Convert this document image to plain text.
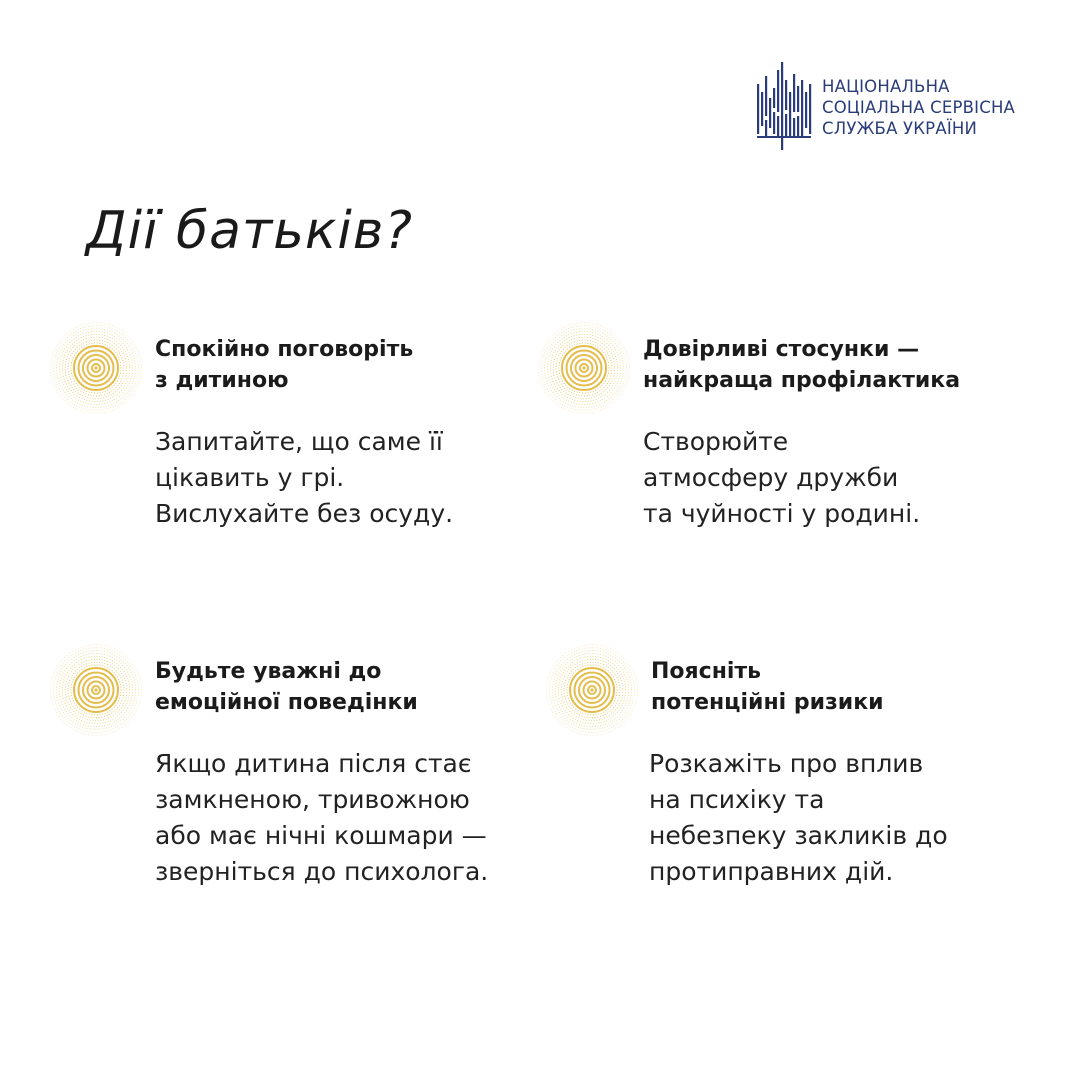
НАЦІОНАЛЬНА
СОЦІАЛЬНА СЕРВІСНА
СЛУЖБА УКРАЇНИ
Дії батьків?
Спокійно поговоріть
з дитиною

Запитайте, що саме її
цікавить у грі.
Вислухайте без осуду.

Довірливі стосунки —
найкраща профілактика

Створюйте
атмосферу дружби
та чуйності у родині.

Будьте уважні до
емоційної поведінки

Якщо дитина після стає
замкненою, тривожною
або має нічні кошмари —
зверніться до психолога.

Поясніть
потенційні ризики

Розкажіть про вплив
на психіку та
небезпеку закликів до
протиправних дій.
